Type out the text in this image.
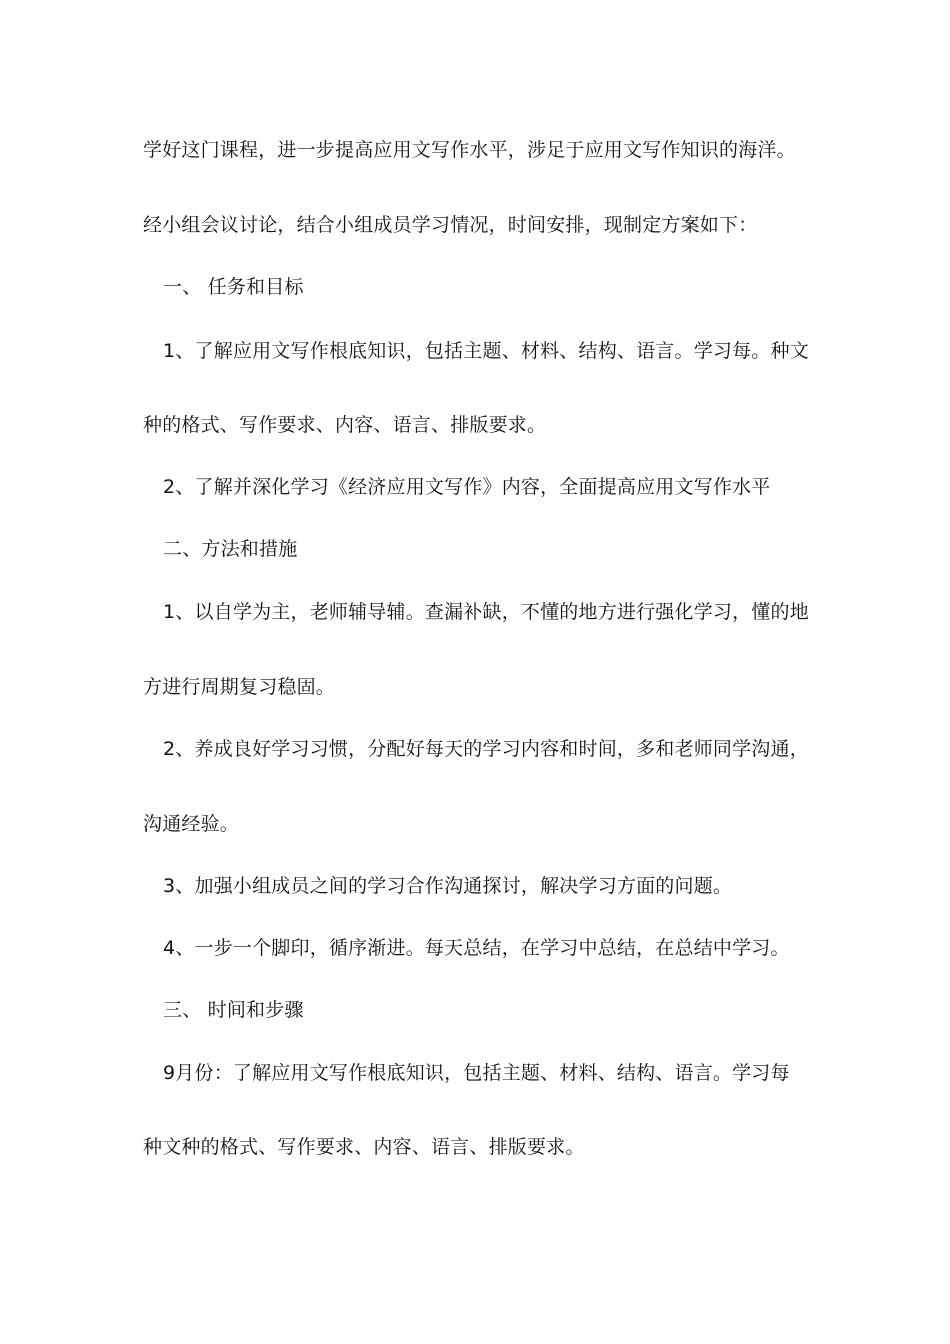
学好这门课程，进一步提高应用文写作水平，涉足于应用文写作知识的海洋。
经小组会议讨论，结合小组成员学习情况，时间安排，现制定方案如下：
一、 任务和目标
1、了解应用文写作根底知识，包括主题、材料、结构、语言。学习每。种文
种的格式、写作要求、内容、语言、排版要求。
2、了解并深化学习《经济应用文写作》内容，全面提高应用文写作水平
二、方法和措施
1、以自学为主，老师辅导辅。查漏补缺，不懂的地方进行强化学习，懂的地
方进行周期复习稳固。
2、养成良好学习习惯，分配好每天的学习内容和时间，多和老师同学沟通，
沟通经验。
3、加强小组成员之间的学习合作沟通探讨，解决学习方面的问题。
4、一步一个脚印，循序渐进。每天总结，在学习中总结，在总结中学习。
三、 时间和步骤
9月份：了解应用文写作根底知识，包括主题、材料、结构、语言。学习每
种文种的格式、写作要求、内容、语言、排版要求。
